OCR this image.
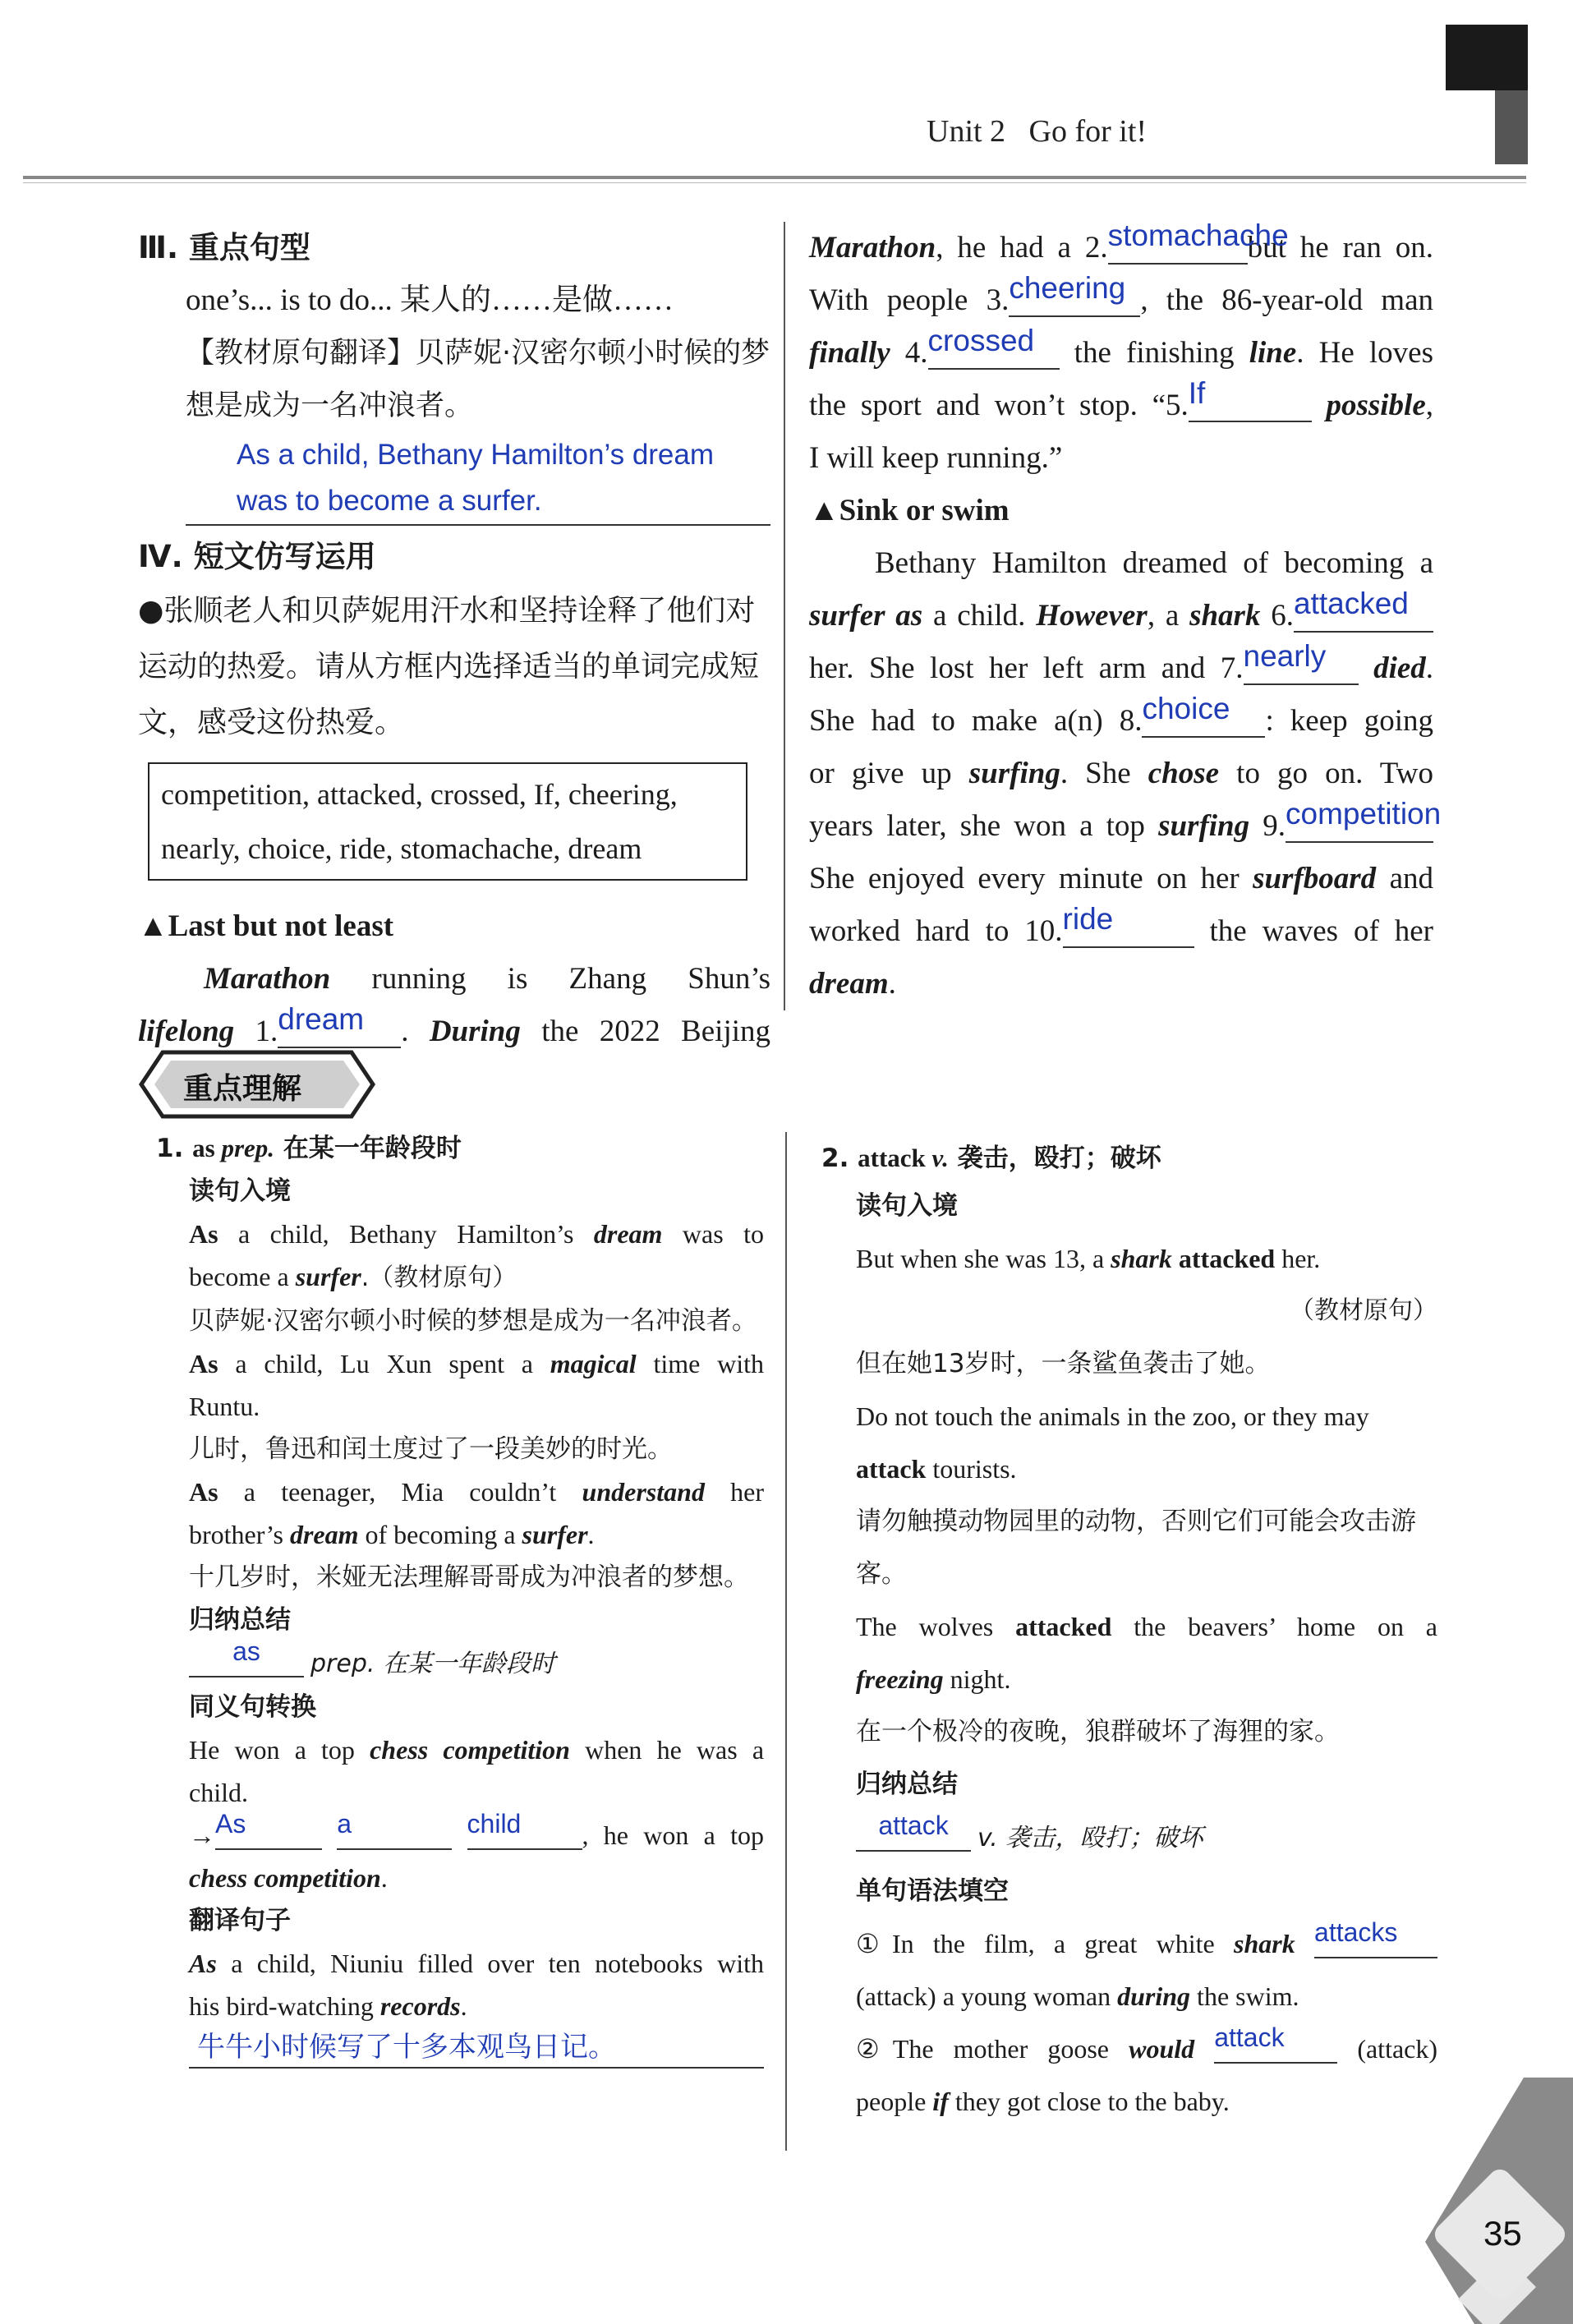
Unit 2   Go for it!
Ⅲ. 重点句型

one’s... is to do... 某人的……是做……

【教材原句翻译】贝萨妮·汉密尔顿小时候的梦想是成为一名冲浪者。

As a child, Bethany Hamilton’s dream was to become a surfer.
Ⅳ. 短文仿写运用

●张顺老人和贝萨妮用汗水和坚持诠释了他们对运动的热爱。请从方框内选择适当的单词完成短文，感受这份热爱。

competition, attacked, crossed, If, cheering, nearly, choice, ride, stomachache, dream
▲Last but not least

Marathon running is Zhang Shun’s

lifelong 1.dream . During the 2022 Beijing

Marathon, he had a 2.stomachachebut he ran on.

With people 3.cheering , the 86-year-old man

finally 4.crossed the finishing line. He loves

the sport and won’t stop. “5.If	possible,

I will keep running.”

▲Sink or swim

Bethany Hamilton dreamed of becoming a

surfer as a child. However, a shark 6.attacked

her. She lost her left arm and 7.nearly died.

She had to make a(n) 8.choice : keep going

or give up surfing. She chose to go on. Two

years later, she won a top surfing 9.competition

She enjoyed every minute on her surfboard and

worked hard to 10.ride	the waves of her

dream.

重点理解

1. as prep. 在某一年龄段时

读句入境

As a child, Bethany Hamilton’s dream was to

become a surfer.（教材原句）

贝萨妮·汉密尔顿小时候的梦想是成为一名冲浪者。

As a child, Lu Xun spent a magical time with

Runtu.

儿时，鲁迅和闰土度过了一段美妙的时光。

As a teenager, Mia couldn’t understand her

brother’s dream of becoming a surfer.

十几岁时，米娅无法理解哥哥成为冲浪者的梦想。

归纳总结

as prep. 在某一年龄段时

同义句转换

He won a top chess competition when he was a

child.

→As	a	child , he won a top

chess competition.

翻译句子

As a child, Niuniu filled over ten notebooks with

his bird-watching records.

牛牛小时候写了十多本观鸟日记。

2. attack v. 袭击，殴打；破坏

读句入境

But when she was 13, a shark attacked her.

（教材原句）

但在她13岁时，一条鲨鱼袭击了她。

Do not touch the animals in the zoo, or they may

attack tourists.

请勿触摸动物园里的动物，否则它们可能会攻击游客。

The wolves attacked the beavers’ home on a

freezing night.

在一个极冷的夜晚，狼群破坏了海狸的家。

归纳总结

attack v. 袭击，殴打；破坏

单句语法填空

①In the film, a great white shark attacks

(attack) a young woman during the swim.

②The mother goose would attack	(attack)

people if they got close to the baby.

35
